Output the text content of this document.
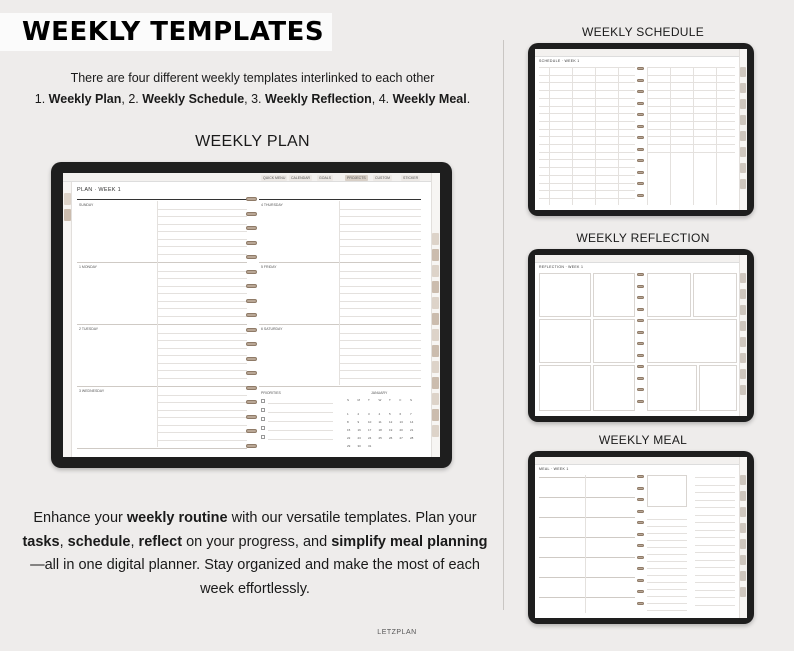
WEEKLY TEMPLATES
There are four different weekly templates interlinked to each other
1. Weekly Plan, 2. Weekly Schedule, 3. Weekly Reflection, 4. Weekly Meal.
WEEKLY PLAN
QUICK MENU	CALENDAR	GOALS	PROJECTS	CUSTOM	STICKER
PLAN · WEEK 1
SUNDAY
1 MONDAY
2 TUESDAY
3 WEDNESDAY
4 THURSDAY
5 FRIDAY
6 SATURDAY
PRIORITIES	JANUARY
S	M	T	W	T	F	S
1	2	3	4	5	6	7
8	9	10 11 12 13 14
15 16 17 18 19 20 21
22 23 24 25 26 27 28
29 30 31
WEEKLY SCHEDULE
SCHEDULE · WEEK 1
WEEKLY REFLECTION
REFLECTION · WEEK 1
WEEKLY MEAL
MEAL · WEEK 1
Enhance your weekly routine with our versatile templates. Plan your tasks, schedule, reflect on your progress, and simplify meal planning—all in one digital planner. Stay organized and make the most of each week effortlessly.
LETZPLAN
